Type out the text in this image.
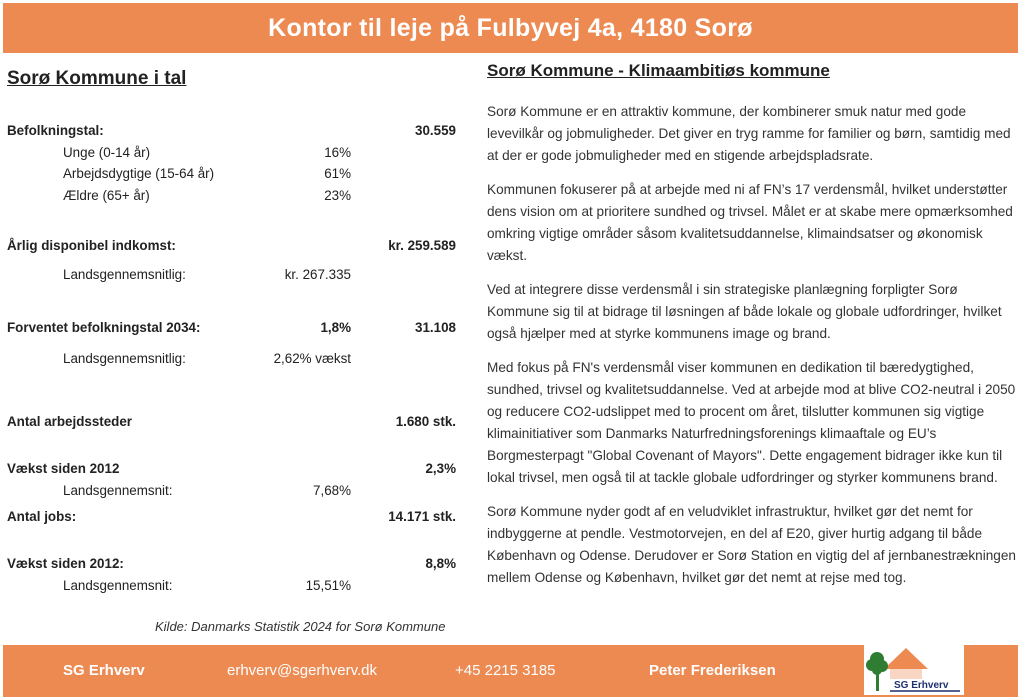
Kontor til leje på Fulbyvej 4a, 4180 Sorø
Sorø Kommune i tal
Befolkningstal:	30.559
Unge (0-14 år)	16%
Arbejdsdygtige (15-64 år)	61%
Ældre (65+ år)	23%
Årlig disponibel indkomst:	kr. 259.589
Landsgennemsnitlig:	kr. 267.335
Forventet befolkningstal 2034:	1,8%	31.108
Landsgennemsnitlig:	2,62% vækst
Antal arbejdssteder	1.680 stk.
Vækst siden 2012	2,3%
Landsgennemsnit:	7,68%
Antal jobs:	14.171 stk.
Vækst siden 2012:	8,8%
Landsgennemsnit:	15,51%
Kilde: Danmarks Statistik 2024 for Sorø Kommune
Sorø Kommune - Klimaambitiøs kommune

Sorø Kommune er en attraktiv kommune, der kombinerer smuk natur med gode levevilkår og jobmuligheder. Det giver en tryg ramme for familier og børn, samtidig med at der er gode jobmuligheder med en stigende arbejdspladsrate.

Kommunen fokuserer på at arbejde med ni af FN’s 17 verdensmål, hvilket understøtter dens vision om at prioritere sundhed og trivsel. Målet er at skabe mere opmærksomhed omkring vigtige områder såsom kvalitetsuddannelse, klimaindsatser og økonomisk vækst.

Ved at integrere disse verdensmål i sin strategiske planlægning forpligter Sorø Kommune sig til at bidrage til løsningen af både lokale og globale udfordringer, hvilket også hjælper med at styrke kommunens image og brand.

Med fokus på FN's verdensmål viser kommunen en dedikation til bæredygtighed, sundhed, trivsel og kvalitetsuddannelse. Ved at arbejde mod at blive CO2-neutral i 2050 og reducere CO2-udslippet med to procent om året, tilslutter kommunen sig vigtige klimainitiativer som Danmarks Naturfredningsforenings klimaaftale og EU’s Borgmesterpagt "Global Covenant of Mayors". Dette engagement bidrager ikke kun til lokal trivsel, men også til at tackle globale udfordringer og styrker kommunens brand.

Sorø Kommune nyder godt af en veludviklet infrastruktur, hvilket gør det nemt for indbyggerne at pendle. Vestmotorvejen, en del af E20, giver hurtig adgang til både København og Odense. Derudover er Sorø Station en vigtig del af jernbanestrækningen mellem Odense og København, hvilket gør det nemt at rejse med tog.

SG Erhverv	erhverv@sgerhverv.dk	+45 2215 3185	Peter Frederiksen
SG Erhverv
